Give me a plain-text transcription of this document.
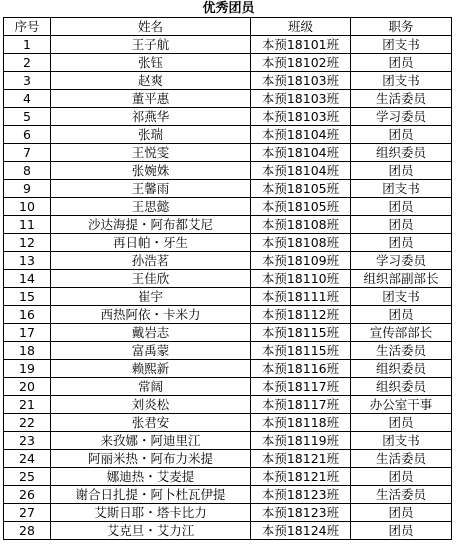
优秀团员
序号	姓名	班级	职务
1	王子航	本预18101班	团支书
2	张钰	本预18102班	团员
3	赵爽	本预18103班	团支书
4	董平惠	本预18103班	生活委员
5	祁燕华	本预18103班	学习委员
6	张瑞	本预18104班	团员
7	王悦雯	本预18104班	组织委员
8	张婉姝	本预18104班	团员
9	王馨雨	本预18105班	团支书
10	王思懿	本预18105班	团员
11	沙达海提・阿布都艾尼	本预18108班	团员
12	再日帕・牙生	本预18108班	团员
13	孙浩茗	本预18109班	学习委员
14	王佳欣	本预18110班	组织部副部长
15	崔宇	本预18111班	团支书
16	西热阿依・卡米力	本预18112班	团员
17	戴岩志	本预18115班	宣传部部长
18	富禹蒙	本预18115班	生活委员
19	赖熙新	本预18116班	组织委员
20	常阔	本预18117班	组织委员
21	刘炎松	本预18117班	办公室干事
22	张君安	本预18118班	团员
23	来孜娜・阿迪里江	本预18119班	团支书
24	阿丽米热・阿布力米提	本预18121班	生活委员
25	娜迪热・艾麦提	本预18121班	团员
26	谢合日扎提・阿卜杜瓦伊提	本预18123班	生活委员
27	艾斯日耶・塔卡比力	本预18123班	团员
28	艾克旦・艾力江	本预18124班	团员
